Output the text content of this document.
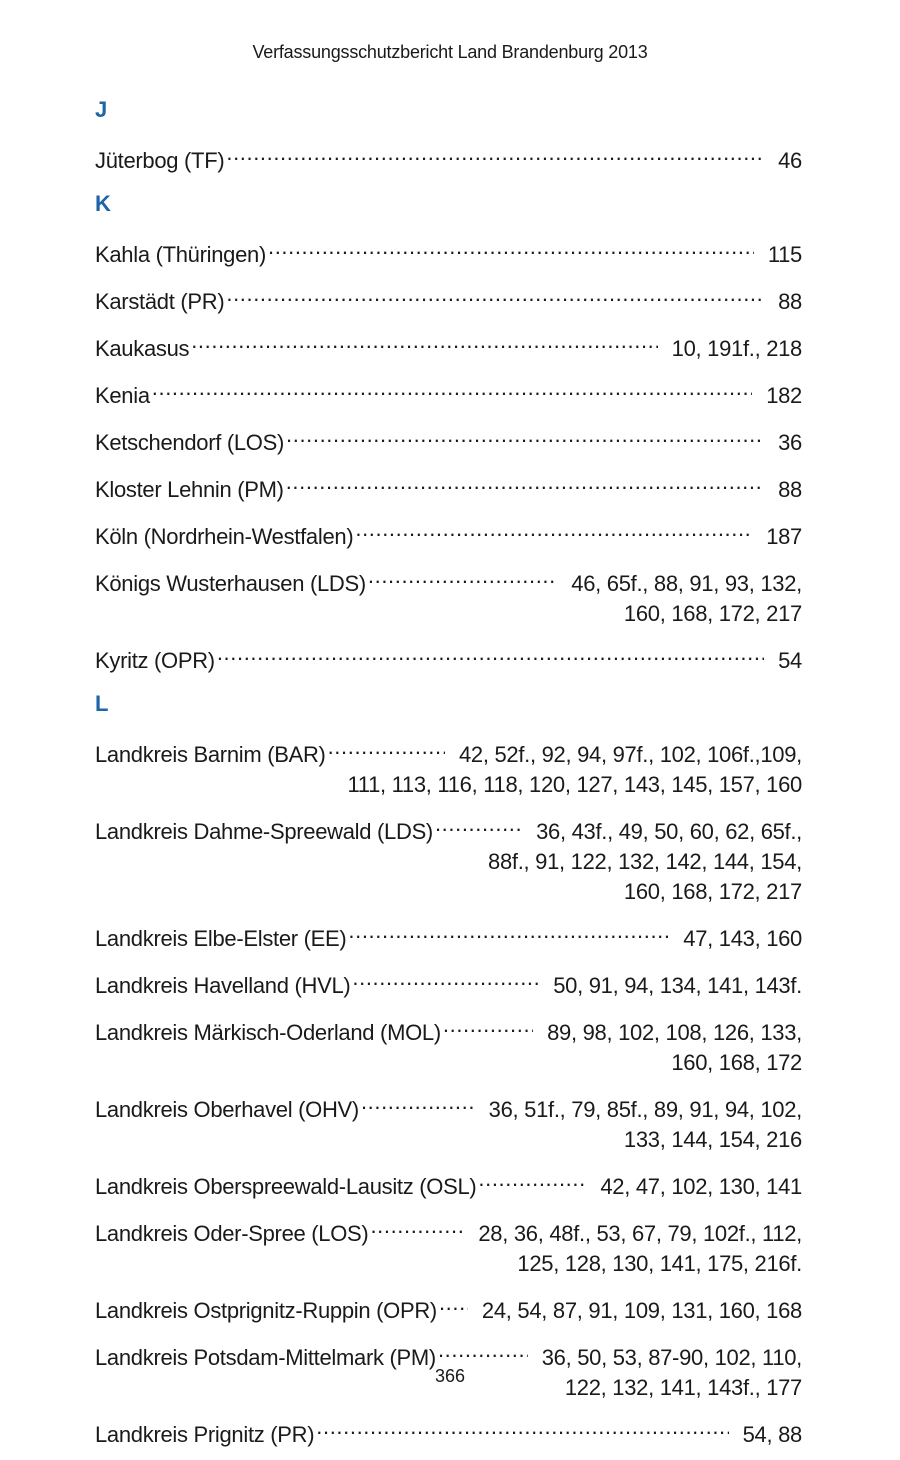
Verfassungsschutzbericht Land Brandenburg 2013
J
Jüterbog (TF) .....	46
K
Kahla (Thüringen) .....	115
Karstädt (PR) .....	88
Kaukasus .....	10, 191f., 218
Kenia .....	182
Ketschendorf (LOS) .....	36
Kloster Lehnin (PM) .....	88
Köln (Nordrhein-Westfalen) .....	187
Königs Wusterhausen (LDS) .....	46, 65f., 88, 91, 93, 132,
160, 168, 172, 217
Kyritz (OPR) .....	54
L
Landkreis Barnim (BAR) .....	42, 52f., 92, 94, 97f., 102, 106f.,109,
111, 113, 116, 118, 120, 127, 143, 145, 157, 160
Landkreis Dahme-Spreewald (LDS) .....	36, 43f., 49, 50, 60, 62, 65f.,
88f., 91, 122, 132, 142, 144, 154,
160, 168, 172, 217
Landkreis Elbe-Elster (EE) .....	47, 143, 160
Landkreis Havelland (HVL) .....	50, 91, 94, 134, 141, 143f.
Landkreis Märkisch-Oderland (MOL) .....	89, 98, 102, 108, 126, 133,
160, 168, 172
Landkreis Oberhavel (OHV) .....	36, 51f., 79, 85f., 89, 91, 94, 102,
133, 144, 154, 216
Landkreis Oberspreewald-Lausitz (OSL) .....	42, 47, 102, 130, 141
Landkreis Oder-Spree (LOS) .....	28, 36, 48f., 53, 67, 79, 102f., 112,
125, 128, 130, 141, 175, 216f.
Landkreis Ostprignitz-Ruppin (OPR) ..... 24, 54, 87, 91, 109, 131, 160, 168
Landkreis Potsdam-Mittelmark (PM) .....	36, 50, 53, 87-90, 102, 110,
122, 132, 141, 143f., 177
Landkreis Prignitz (PR) .....	54, 88
366
